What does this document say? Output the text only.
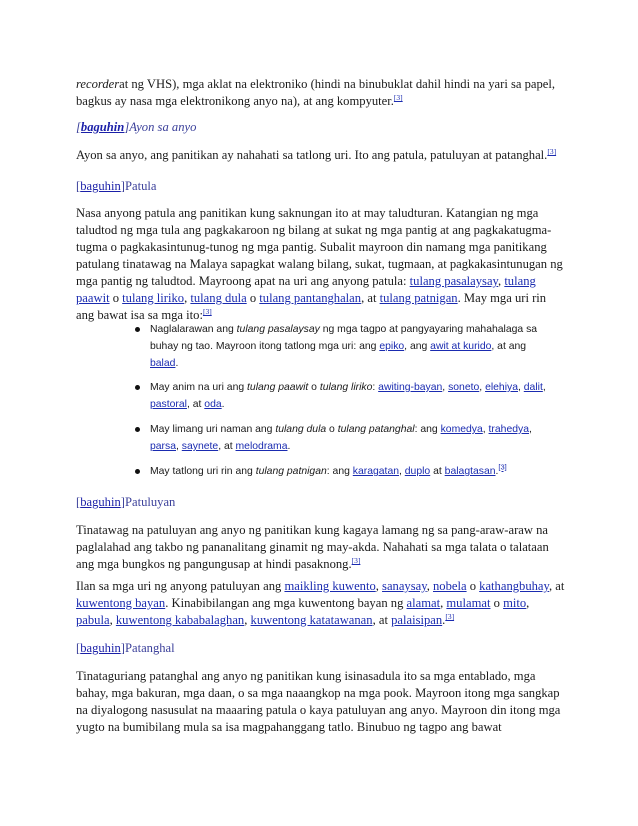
recorderat ng VHS), mga aklat na elektroniko (hindi na binubuklat dahil hindi na yari sa papel,
bagkus ay nasa mga elektronikong anyo na), at ang kompyuter.[3]
[baguhin]Ayon sa anyo
Ayon sa anyo, ang panitikan ay nahahati sa tatlong uri. Ito ang patula, patuluyan at patanghal.[3]
[baguhin]Patula
Nasa anyong patula ang panitikan kung saknungan ito at may taludturan. Katangian ng mga
taludtod ng mga tula ang pagkakaroon ng bilang at sukat ng mga pantig at ang pagkakatugma-
tugma o pagkakasintunug-tunog ng mga pantig. Subalit mayroon din namang mga panitikang
patulang tinatawag na Malaya sapagkat walang bilang, sukat, tugmaan, at pagkakasintunugan ng
mga pantig ng taludtod. Mayroong apat na uri ang anyong patula: tulang pasalaysay, tulang
paawit o tulang liriko, tulang dula o tulang pantanghalan, at tulang patnigan. May mga uri rin
ang bawat isa sa mga ito:[3]
Naglalarawan ang tulang pasalaysay ng mga tagpo at pangyayaring mahahalaga sa
buhay ng tao. Mayroon itong tatlong mga uri: ang epiko, ang awit at kurido, at ang
balad.
May anim na uri ang tulang paawit o tulang liriko: awiting-bayan, soneto, elehiya, dalit,
pastoral, at oda.
May limang uri naman ang tulang dula o tulang patanghal: ang komedya, trahedya,
parsa, saynete, at melodrama.
May tatlong uri rin ang tulang patnigan: ang karagatan, duplo at balagtasan.[3]
[baguhin]Patuluyan
Tinatawag na patuluyan ang anyo ng panitikan kung kagaya lamang ng sa pang-araw-araw na
paglalahad ang takbo ng pananalitang ginamit ng may-akda. Nahahati sa mga talata o talataan
ang mga bungkos ng pangungusap at hindi pasaknong.[3]
Ilan sa mga uri ng anyong patuluyan ang maikling kuwento, sanaysay, nobela o kathangbuhay, at
kuwentong bayan. Kinabibilangan ang mga kuwentong bayan ng alamat, mulamat o mito,
pabula, kuwentong kababalaghan, kuwentong katatawanan, at palaisipan.[3]
[baguhin]Patanghal
Tinataguriang patanghal ang anyo ng panitikan kung isinasadula ito sa mga entablado, mga
bahay, mga bakuran, mga daan, o sa mga naaangkop na mga pook. Mayroon itong mga sangkap
na diyalogong nasusulat na maaaring patula o kaya patuluyan ang anyo. Mayroon din itong mga
yugto na bumibilang mula sa isa magpahanggang tatlo. Binubuo ng tagpo ang bawat
